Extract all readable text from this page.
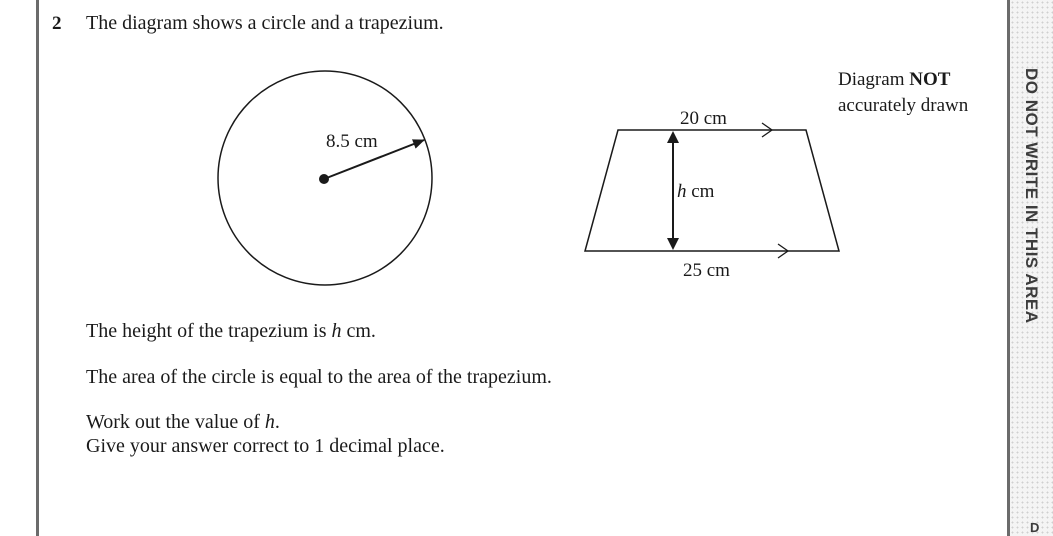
DO NOT WRITE IN THIS AREA
D
2 The diagram shows a circle and a trapezium.
Diagram NOT
accurately drawn
8.5 cm
20 cm
h cm
25 cm
The height of the trapezium is h cm.
The area of the circle is equal to the area of the trapezium.
Work out the value of h.
Give your answer correct to 1 decimal place.
